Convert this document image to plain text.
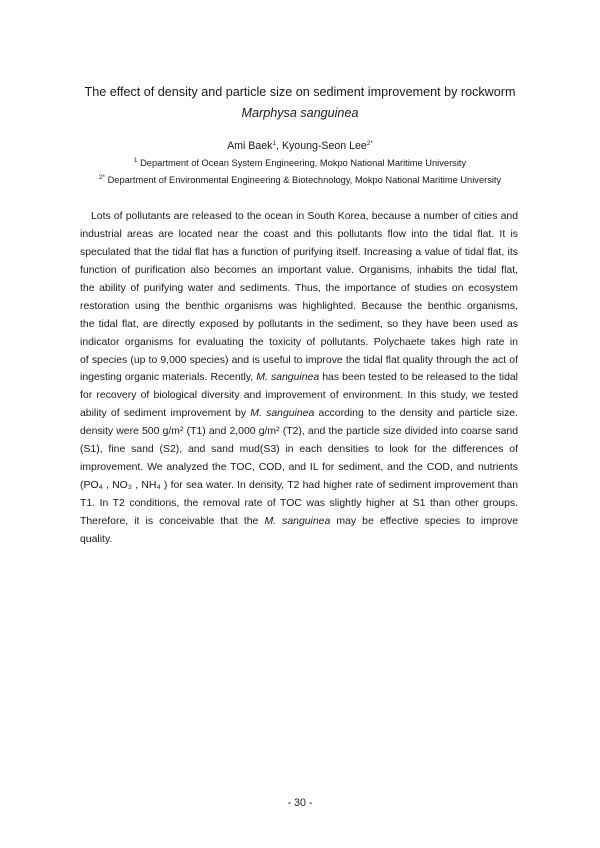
The effect of density and particle size on sediment improvement by rockworm
Marphysa sanguinea
Ami Baek$^1$, Kyoung-Seon Lee$^{2*}$
$^1$ Department of Ocean System Engineering, Mokpo National Maritime University
$^{2*}$ Department of Environmental Engineering & Biotechnology, Mokpo National Maritime University
Lots of pollutants are released to the ocean in South Korea, because a number of cities and
industrial areas are located near the coast and this pollutants flow into the tidal flat. It is
speculated that the tidal flat has a function of purifying itself. Increasing a value of tidal flat, its
function of purification also becomes an important value. Organisms, inhabits the tidal flat,
the ability of purifying water and sediments. Thus, the importance of studies on ecosystem
restoration using the benthic organisms was highlighted. Because the benthic organisms,
the tidal flat, are directly exposed by pollutants in the sediment, so they have been used as
indicator organisms for evaluating the toxicity of pollutants. Polychaete takes high rate in
of species (up to 9,000 species) and is useful to improve the tidal flat quality through the act of
ingesting organic materials. Recently, M. sanguinea has been tested to be released to the tidal
for recovery of biological diversity and improvement of environment. In this study, we tested
ability of sediment improvement by M. sanguinea according to the density and particle size.
density were 500 g/m² (T1) and 2,000 g/m² (T2), and the particle size divided into coarse sand
(S1), fine sand (S2), and sand mud(S3) in each densities to look for the differences of
improvement. We analyzed the TOC, COD, and IL for sediment, and the COD, and nutrients
(PO₄ , NO₃ , NH₄ ) for sea water. In density, T2 had higher rate of sediment improvement than
T1. In T2 conditions, the removal rate of TOC was slightly higher at S1 than other groups.
Therefore, it is conceivable that the M. sanguinea may be effective species to improve
quality.
- 30 -
